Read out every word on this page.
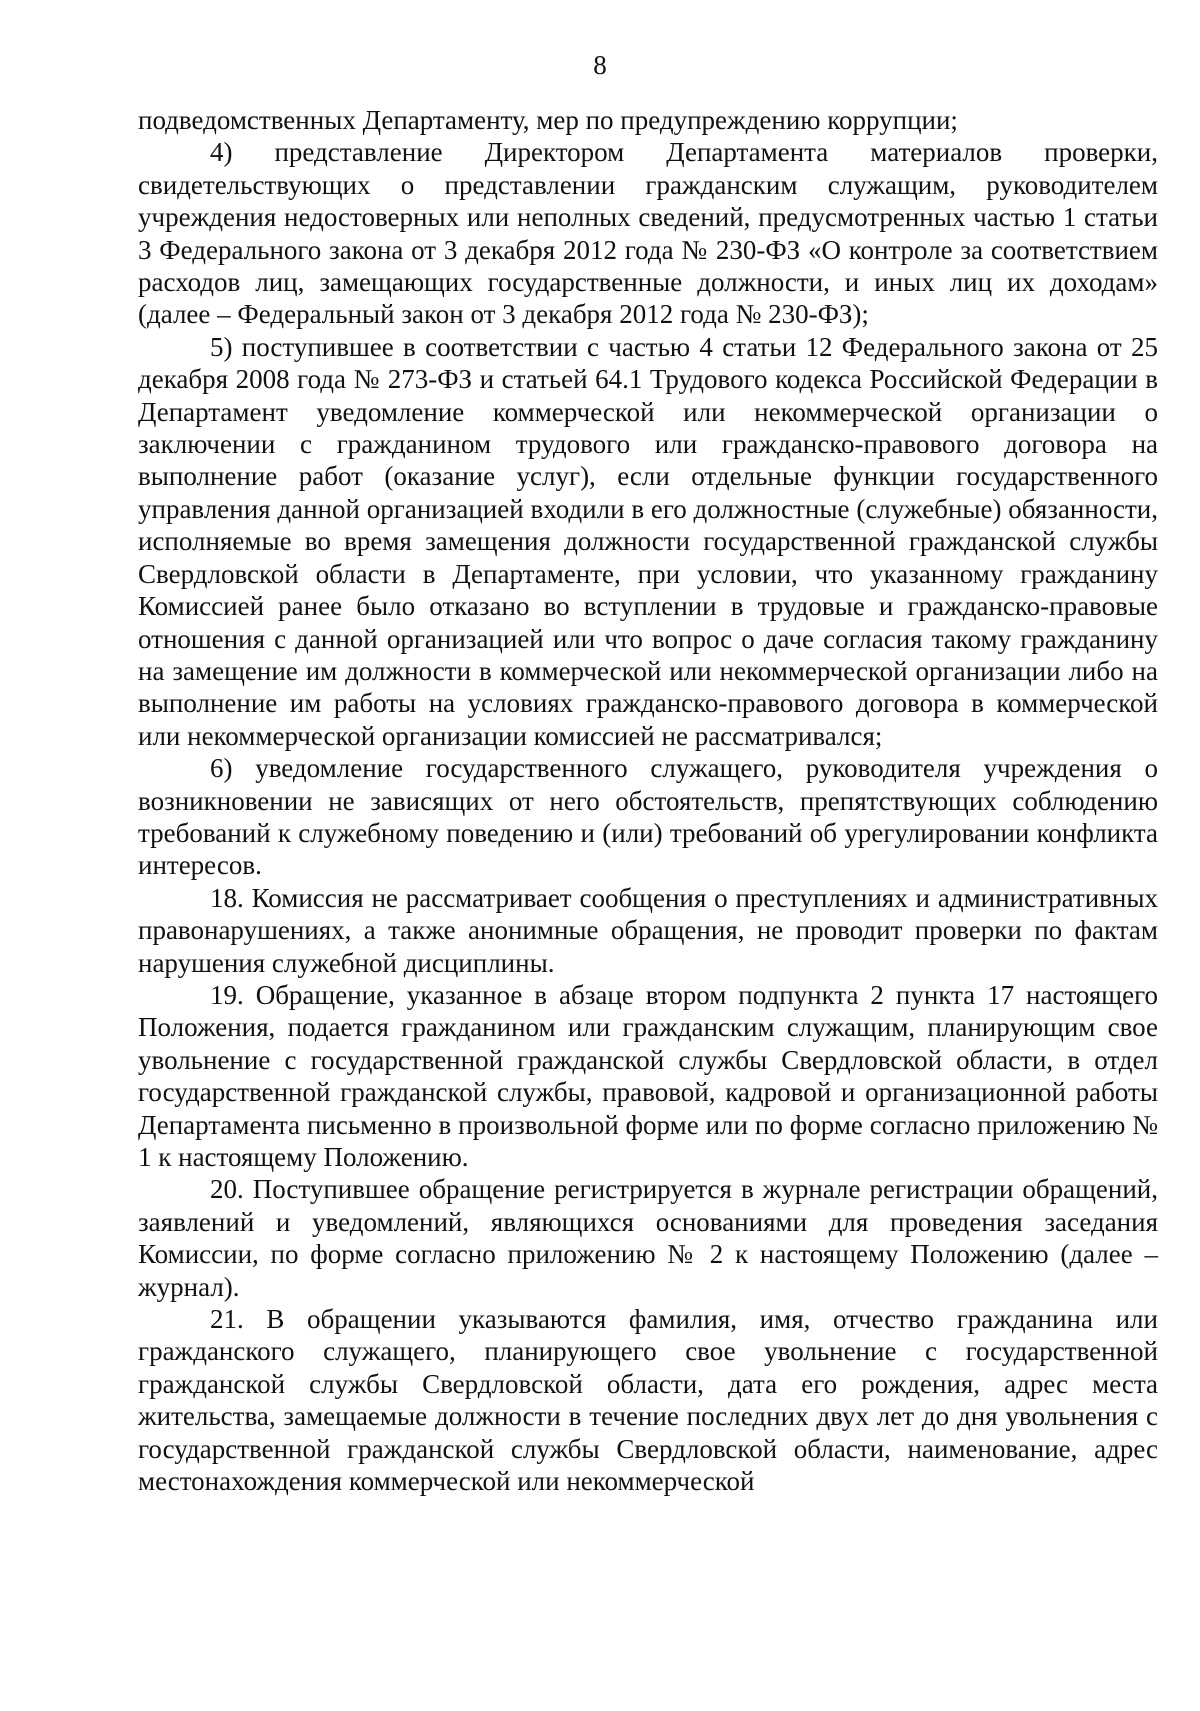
8

подведомственных Департаменту, мер по предупреждению коррупции;

4) представление Директором Департамента материалов проверки, свидетельствующих о представлении гражданским служащим, руководителем учреждения недостоверных или неполных сведений, предусмотренных частью 1 статьи 3 Федерального закона от 3 декабря 2012 года № 230-ФЗ «О контроле за соответствием расходов лиц, замещающих государственные должности, и иных лиц их доходам» (далее – Федеральный закон от 3 декабря 2012 года № 230-ФЗ);

5) поступившее в соответствии с частью 4 статьи 12 Федерального закона от 25 декабря 2008 года № 273-ФЗ и статьей 64.1 Трудового кодекса Российской Федерации в Департамент уведомление коммерческой или некоммерческой организации о заключении с гражданином трудового или гражданско-правового договора на выполнение работ (оказание услуг), если отдельные функции государственного управления данной организацией входили в его должностные (служебные) обязанности, исполняемые во время замещения должности государственной гражданской службы Свердловской области в Департаменте, при условии, что указанному гражданину Комиссией ранее было отказано во вступлении в трудовые и гражданско-правовые отношения с данной организацией или что вопрос о даче согласия такому гражданину на замещение им должности в коммерческой или некоммерческой организации либо на выполнение им работы на условиях гражданско-правового договора в коммерческой или некоммерческой организации комиссией не рассматривался;

6) уведомление государственного служащего, руководителя учреждения о возникновении не зависящих от него обстоятельств, препятствующих соблюдению требований к служебному поведению и (или) требований об урегулировании конфликта интересов.

18. Комиссия не рассматривает сообщения о преступлениях и административных правонарушениях, а также анонимные обращения, не проводит проверки по фактам нарушения служебной дисциплины.

19. Обращение, указанное в абзаце втором подпункта 2 пункта 17 настоящего Положения, подается гражданином или гражданским служащим, планирующим свое увольнение с государственной гражданской службы Свердловской области, в отдел государственной гражданской службы, правовой, кадровой и организационной работы Департамента письменно в произвольной форме или по форме согласно приложению № 1 к настоящему Положению.

20. Поступившее обращение регистрируется в журнале регистрации обращений, заявлений и уведомлений, являющихся основаниями для проведения заседания Комиссии, по форме согласно приложению № 2 к настоящему Положению (далее – журнал).

21. В обращении указываются фамилия, имя, отчество гражданина или гражданского служащего, планирующего свое увольнение с государственной гражданской службы Свердловской области, дата его рождения, адрес места жительства, замещаемые должности в течение последних двух лет до дня увольнения с государственной гражданской службы Свердловской области, наименование, адрес местонахождения коммерческой или некоммерческой
